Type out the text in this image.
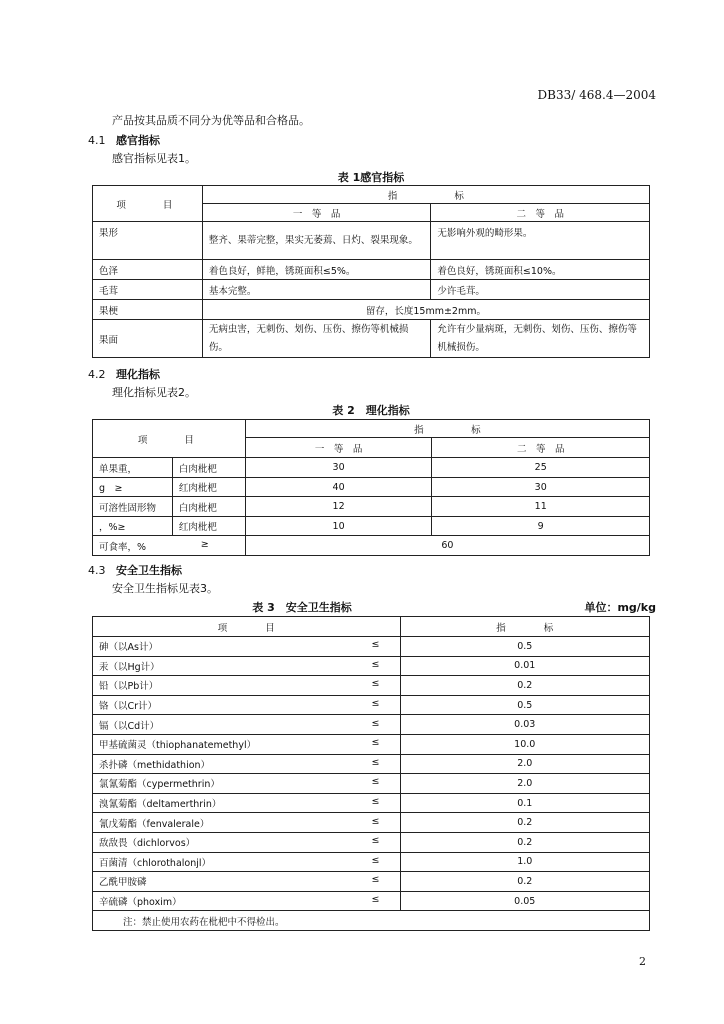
DB33/ 468.4—2004
产品按其品质不同分为优等品和合格品。
4.1 感官指标
感官指标见表1。
表 1感官指标
项　　目	指　　　　　　标	
	一　等　品	二　等　品
果形	整齐、果蒂完整，果实无萎蔫、日灼、裂果现象。	无影响外观的畸形果。
色泽	着色良好，鲜艳，锈斑面积≤5%。	着色良好，锈斑面积≤10%。
毛茸	基本完整。	少许毛茸。
果梗	留存，长度15mm±2mm。	
果面	无病虫害，无刺伤、划伤、压伤、擦伤等机械损伤。	允许有少量病斑，无刺伤、划伤、压伤、擦伤等机械损伤。
4.2 理化指标
理化指标见表2。
表 2　理化指标
项　　目		指　　　　　标	
		一　等　品	二　等　品
单果重，	白肉枇杷	30	25
g　≥	红肉枇杷	40	30
可溶性固形物	白肉枇杷	12	11
，%≥	红肉枇杷	10	9
可食率，% ≥		60	
4.3 安全卫生指标
安全卫生指标见表3。
表 3　安全卫生指标	单位：mg/kg
项　　　　目	指　　　　标
砷（以As计） ≤	0.5
汞（以Hg计） ≤	0.01
铅（以Pb计） ≤	0.2
铬（以Cr计） ≤	0.5
镉（以Cd计） ≤	0.03
甲基硫菌灵（thiophanatemethyl） ≤	10.0
杀扑磷（methidathion） ≤	2.0
氯氰菊酯（cypermethrin） ≤	2.0
溴氰菊酯（deltamerthrin） ≤	0.1
氰戊菊酯（fenvalerale） ≤	0.2
敌敌畏（dichlorvos） ≤	0.2
百菌清（chlorothalonjl） ≤	1.0
乙酰甲胺磷 ≤	0.2
辛硫磷（phoxim） ≤	0.05
注：禁止使用农药在枇杷中不得检出。	
2
